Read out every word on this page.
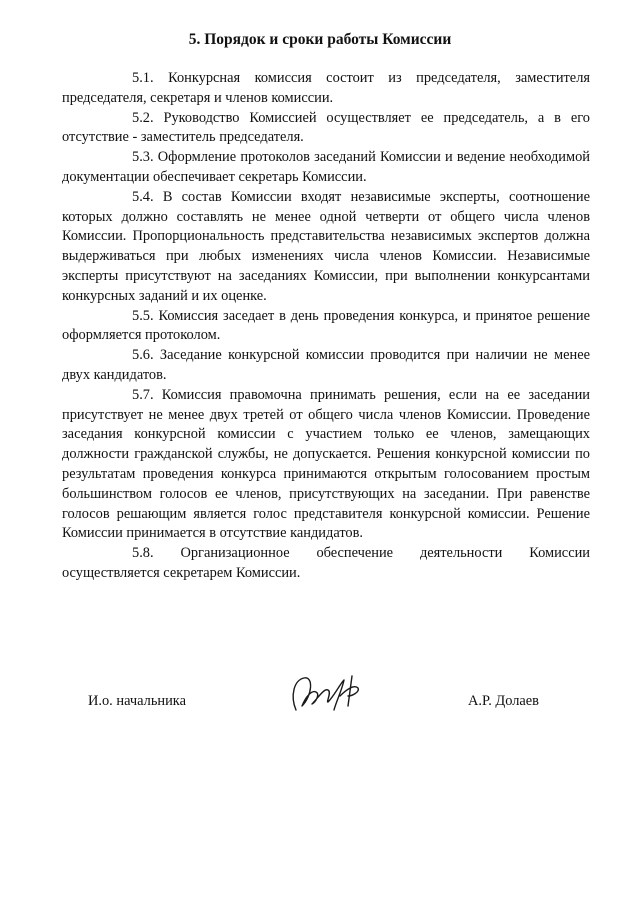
5. Порядок и сроки работы Комиссии

5.1. Конкурсная комиссия состоит из председателя, заместителя председателя, секретаря и членов комиссии.

5.2. Руководство Комиссией осуществляет ее председатель, а в его отсутствие - заместитель председателя.

5.3. Оформление протоколов заседаний Комиссии и ведение необходимой документации обеспечивает секретарь Комиссии.

5.4. В состав Комиссии входят независимые эксперты, соотношение которых должно составлять не менее одной четверти от общего числа членов Комиссии. Пропорциональность представительства независимых экспертов должна выдерживаться при любых изменениях числа членов Комиссии. Независимые эксперты присутствуют на заседаниях Комиссии, при выполнении конкурсантами конкурсных заданий и их оценке.

5.5. Комиссия заседает в день проведения конкурса, и принятое решение оформляется протоколом.

5.6. Заседание конкурсной комиссии проводится при наличии не менее двух кандидатов.

5.7. Комиссия правомочна принимать решения, если на ее заседании присутствует не менее двух третей от общего числа членов Комиссии. Проведение заседания конкурсной комиссии с участием только ее членов, замещающих должности гражданской службы, не допускается. Решения конкурсной комиссии по результатам проведения конкурса принимаются открытым голосованием простым большинством голосов ее членов, присутствующих на заседании. При равенстве голосов решающим является голос представителя конкурсной комиссии. Решение Комиссии принимается в отсутствие кандидатов.

5.8. Организационное обеспечение деятельности Комиссии осуществляется секретарем Комиссии.

И.о. начальника	А.Р. Долаев
